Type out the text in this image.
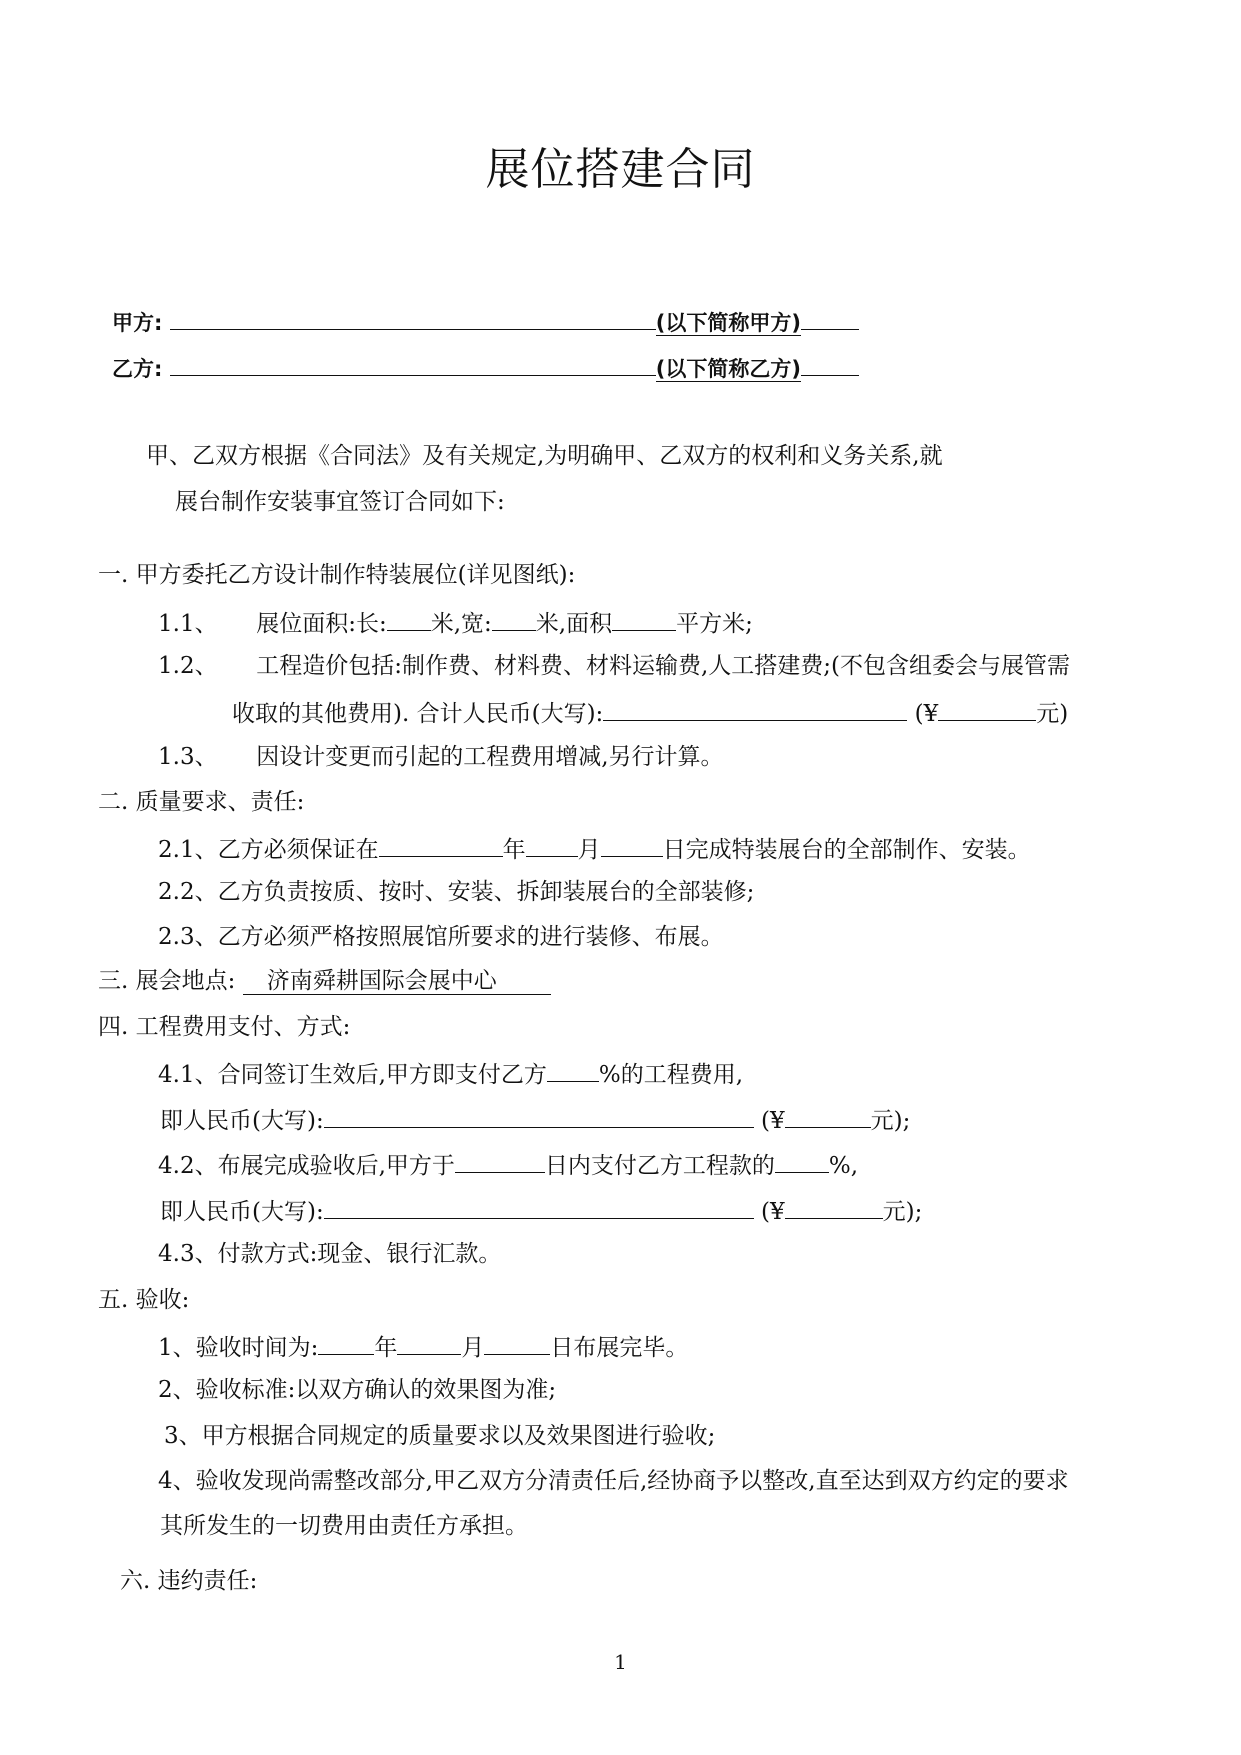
展位搭建合同
甲方:	(以下简称甲方)
乙方:	(以下简称乙方)
甲、乙双方根据《合同法》及有关规定,为明确甲、乙双方的权利和义务关系,就
展台制作安装事宜签订合同如下:
一. 甲方委托乙方设计制作特装展位(详见图纸):
1.1、 展位面积:长: 米,宽: 米,面积	平方米;
1.2、 工程造价包括:制作费、材料费、材料运输费,人工搭建费;(不包含组委会与展管需
收取的其他费用). 合计人民币(大写):	(¥	元)
1.3、 因设计变更而引起的工程费用增减,另行计算。
二. 质量要求、责任:
2.1、乙方必须保证在	年 月	日完成特装展台的全部制作、安装。
2.2、乙方负责按质、按时、安装、拆卸装展台的全部装修;
2.3、乙方必须严格按照展馆所要求的进行装修、布展。
三. 展会地点: 济南舜耕国际会展中心
四. 工程费用支付、方式:
4.1、合同签订生效后,甲方即支付乙方 %的工程费用,
即人民币(大写):	(¥	元);
4.2、布展完成验收后,甲方于	日内支付乙方工程款的 %,
即人民币(大写):	(¥	元);
4.3、付款方式:现金、银行汇款。
五. 验收:
1、验收时间为: 年	月	日布展完毕。
2、验收标准:以双方确认的效果图为准;
3、甲方根据合同规定的质量要求以及效果图进行验收;
4、验收发现尚需整改部分,甲乙双方分清责任后,经协商予以整改,直至达到双方约定的要求
其所发生的一切费用由责任方承担。
六. 违约责任:
1
